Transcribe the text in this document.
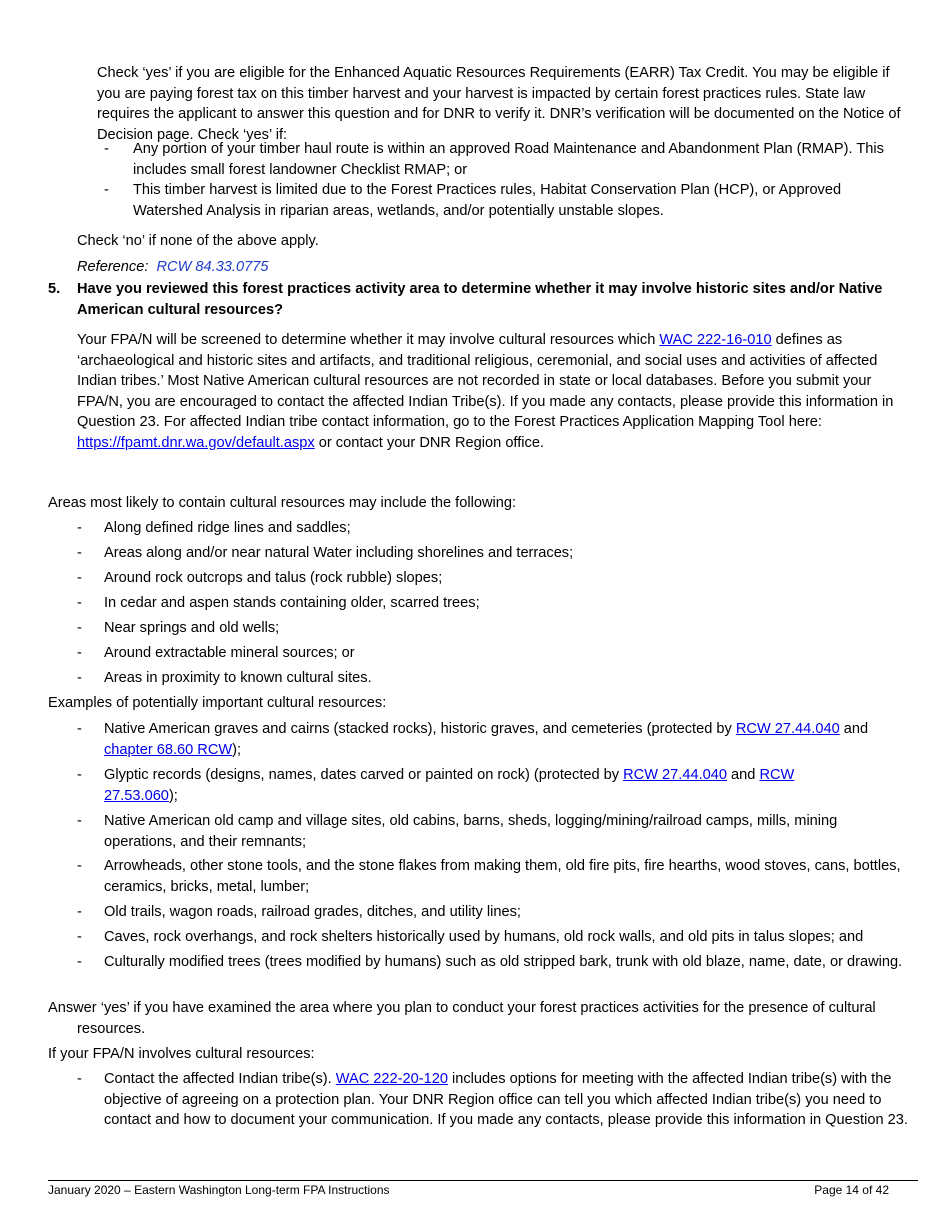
Check ‘yes’ if you are eligible for the Enhanced Aquatic Resources Requirements (EARR) Tax Credit. You may be eligible if you are paying forest tax on this timber harvest and your harvest is impacted by certain forest practices rules. State law requires the applicant to answer this question and for DNR to verify it. DNR’s verification will be documented on the Notice of Decision page. Check ‘yes’ if:

- Any portion of your timber haul route is within an approved Road Maintenance and Abandonment Plan (RMAP). This includes small forest landowner Checklist RMAP; or
- This timber harvest is limited due to the Forest Practices rules, Habitat Conservation Plan (HCP), or Approved Watershed Analysis in riparian areas, wetlands, and/or potentially unstable slopes.

Check ‘no’ if none of the above apply.

Reference: RCW 84.33.0775

5. Have you reviewed this forest practices activity area to determine whether it may involve historic sites and/or Native American cultural resources?

Your FPA/N will be screened to determine whether it may involve cultural resources which WAC 222-16-010 defines as ‘archaeological and historic sites and artifacts, and traditional religious, ceremonial, and social uses and activities of affected Indian tribes.’ Most Native American cultural resources are not recorded in state or local databases. Before you submit your FPA/N, you are encouraged to contact the affected Indian Tribe(s). If you made any contacts, please provide this information in Question 23. For affected Indian tribe contact information, go to the Forest Practices Application Mapping Tool here: https://fpamt.dnr.wa.gov/default.aspx or contact your DNR Region office.

Areas most likely to contain cultural resources may include the following:

- Along defined ridge lines and saddles;
- Areas along and/or near natural Water including shorelines and terraces;
- Around rock outcrops and talus (rock rubble) slopes;
- In cedar and aspen stands containing older, scarred trees;
- Near springs and old wells;
- Around extractable mineral sources; or
- Areas in proximity to known cultural sites.

Examples of potentially important cultural resources:

- Native American graves and cairns (stacked rocks), historic graves, and cemeteries (protected by RCW 27.44.040 and chapter 68.60 RCW);
- Glyptic records (designs, names, dates carved or painted on rock) (protected by RCW 27.44.040 and RCW 27.53.060);
- Native American old camp and village sites, old cabins, barns, sheds, logging/mining/railroad camps, mills, mining operations, and their remnants;
- Arrowheads, other stone tools, and the stone flakes from making them, old fire pits, fire hearths, wood stoves, cans, bottles, ceramics, bricks, metal, lumber;
- Old trails, wagon roads, railroad grades, ditches, and utility lines;
- Caves, rock overhangs, and rock shelters historically used by humans, old rock walls, and old pits in talus slopes; and
- Culturally modified trees (trees modified by humans) such as old stripped bark, trunk with old blaze, name, date, or drawing.

Answer ‘yes’ if you have examined the area where you plan to conduct your forest practices activities for the presence of cultural resources.

If your FPA/N involves cultural resources:

- Contact the affected Indian tribe(s). WAC 222-20-120 includes options for meeting with the affected Indian tribe(s) with the objective of agreeing on a protection plan. Your DNR Region office can tell you which affected Indian tribe(s) you need to contact and how to document your communication. If you made any contacts, please provide this information in Question 23.
January 2020 – Eastern Washington Long-term FPA Instructions	Page 14 of 42
